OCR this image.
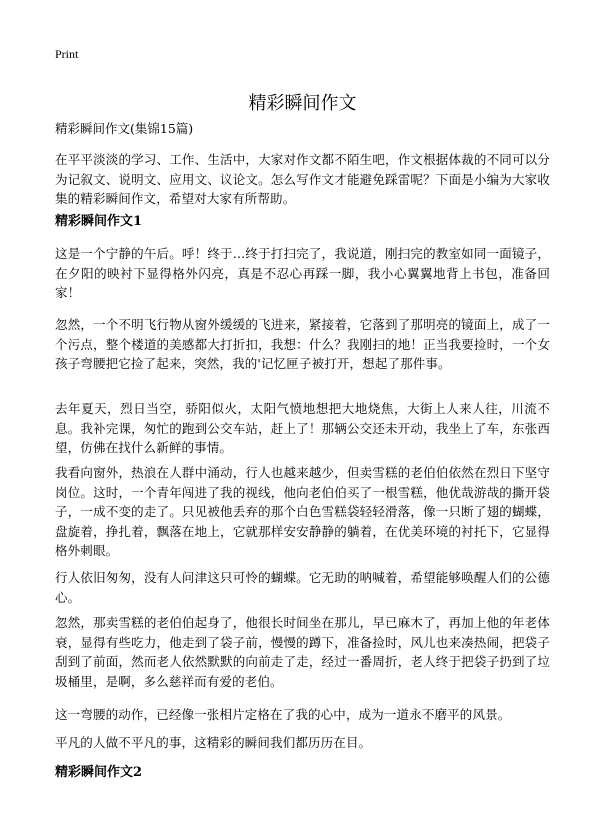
Print
精彩瞬间作文
精彩瞬间作文(集锦15篇)

在平平淡淡的学习、工作、生活中，大家对作文都不陌生吧，作文根据体裁的不同可以分为记叙文、说明文、应用文、议论文。怎么写作文才能避免踩雷呢？下面是小编为大家收集的精彩瞬间作文，希望对大家有所帮助。

精彩瞬间作文1

这是一个宁静的午后。呼！终于…终于打扫完了，我说道，刚扫完的教室如同一面镜子，在夕阳的映衬下显得格外闪亮，真是不忍心再踩一脚，我小心翼翼地背上书包，准备回家！

忽然，一个不明飞行物从窗外缓缓的飞进来，紧接着，它落到了那明亮的镜面上，成了一个污点，整个楼道的美感都大打折扣，我想：什么？我刚扫的地！正当我要捡时，一个女孩子弯腰把它捡了起来，突然，我的'记忆匣子被打开，想起了那件事。

去年夏天，烈日当空，骄阳似火，太阳气愤地想把大地烧焦，大街上人来人往，川流不息。我补完课，匆忙的跑到公交车站，赶上了！那辆公交还未开动，我坐上了车，东张西望，仿佛在找什么新鲜的事情。

我看向窗外，热浪在人群中涌动，行人也越来越少，但卖雪糕的老伯伯依然在烈日下坚守岗位。这时，一个青年闯进了我的视线，他向老伯伯买了一根雪糕，他优哉游哉的撕开袋子，一成不变的走了。只见被他丢弃的那个白色雪糕袋轻轻滑落，像一只断了翅的蝴蝶，盘旋着，挣扎着，飘落在地上，它就那样安安静静的躺着，在优美环境的衬托下，它显得格外刺眼。

行人依旧匆匆，没有人问津这只可怜的蝴蝶。它无助的呐喊着，希望能够唤醒人们的公德心。

忽然，那卖雪糕的老伯伯起身了，他很长时间坐在那儿，早已麻木了，再加上他的年老体衰，显得有些吃力，他走到了袋子前，慢慢的蹲下，准备捡时，风儿也来凑热闹，把袋子刮到了前面，然而老人依然默默的向前走了走，经过一番周折，老人终于把袋子扔到了垃圾桶里，是啊，多么慈祥而有爱的老伯。

这一弯腰的动作，已经像一张相片定格在了我的心中，成为一道永不磨平的风景。

平凡的人做不平凡的事，这精彩的瞬间我们都历历在目。

精彩瞬间作文2
